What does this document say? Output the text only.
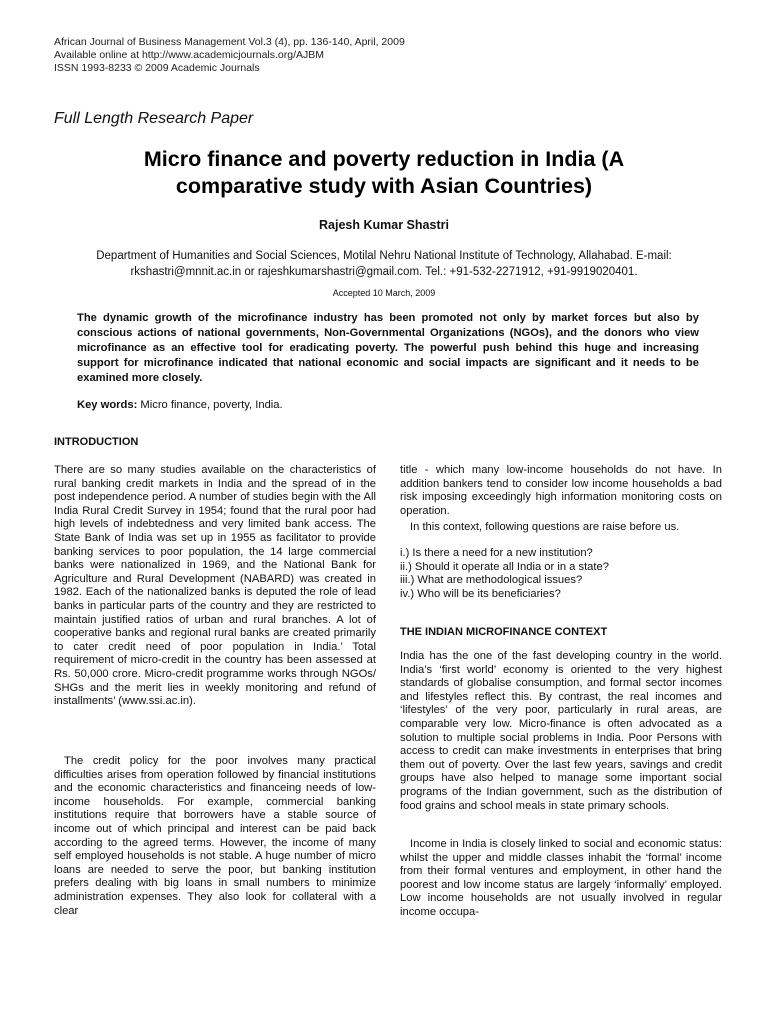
African Journal of Business Management Vol.3 (4), pp. 136-140, April, 2009
Available online at http://www.academicjournals.org/AJBM
ISSN 1993-8233 © 2009 Academic Journals
Full Length Research Paper
Micro finance and poverty reduction in India (A
comparative study with Asian Countries)
Rajesh Kumar Shastri
Department of Humanities and Social Sciences, Motilal Nehru National Institute of Technology, Allahabad. E-mail:
rkshastri@mnnit.ac.in or rajeshkumarshastri@gmail.com. Tel.: +91-532-2271912, +91-9919020401.
Accepted 10 March, 2009
The dynamic growth of the microfinance industry has been promoted not only by market forces but also by conscious actions of national governments, Non-Governmental Organizations (NGOs), and the donors who view microfinance as an effective tool for eradicating poverty. The powerful push behind this huge and increasing support for microfinance indicated that national economic and social impacts are significant and it needs to be examined more closely.
Key words: Micro finance, poverty, India.
INTRODUCTION
There are so many studies available on the characteristics of rural banking credit markets in India and the spread of in the post independence period. A number of studies begin with the All India Rural Credit Survey in 1954; found that the rural poor had high levels of indebtedness and very limited bank access. The State Bank of India was set up in 1955 as facilitator to provide banking services to poor population, the 14 large commercial banks were nationalized in 1969, and the National Bank for Agriculture and Rural Development (NABARD) was created in 1982. Each of the nationalized banks is deputed the role of lead banks in particular parts of the country and they are restricted to maintain justified ratios of urban and rural branches. A lot of cooperative banks and regional rural banks are created primarily to cater credit need of poor population in India.’ Total requirement of micro-credit in the country has been assessed at Rs. 50,000 crore. Micro-credit programme works through NGOs/ SHGs and the merit lies in weekly monitoring and refund of installments’ (www.ssi.ac.in).
The credit policy for the poor involves many practical difficulties arises from operation followed by financial institutions and the economic characteristics and financeing needs of low-income households. For example, commercial banking institutions require that borrowers have a stable source of income out of which principal and interest can be paid back according to the agreed terms. However, the income of many self employed households is not stable. A huge number of micro loans are needed to serve the poor, but banking institution prefers dealing with big loans in small numbers to minimize administration expenses. They also look for collateral with a clear
title - which many low-income households do not have. In addition bankers tend to consider low income households a bad risk imposing exceedingly high information monitoring costs on operation.
In this context, following questions are raise before us.
i.) Is there a need for a new institution?
ii.) Should it operate all India or in a state?
iii.) What are methodological issues?
iv.) Who will be its beneficiaries?
THE INDIAN MICROFINANCE CONTEXT
India has the one of the fast developing country in the world. India’s ‘first world’ economy is oriented to the very highest standards of globalise consumption, and formal sector incomes and lifestyles reflect this. By contrast, the real incomes and ‘lifestyles’ of the very poor, particularly in rural areas, are comparable very low. Micro-finance is often advocated as a solution to multiple social problems in India. Poor Persons with access to credit can make investments in enterprises that bring them out of poverty. Over the last few years, savings and credit groups have also helped to manage some important social programs of the Indian government, such as the distribution of food grains and school meals in state primary schools.
Income in India is closely linked to social and economic status: whilst the upper and middle classes inhabit the ‘formal’ income from their formal ventures and employment, in other hand the poorest and low income status are largely ‘informally’ employed. Low income households are not usually involved in regular income occupa-
